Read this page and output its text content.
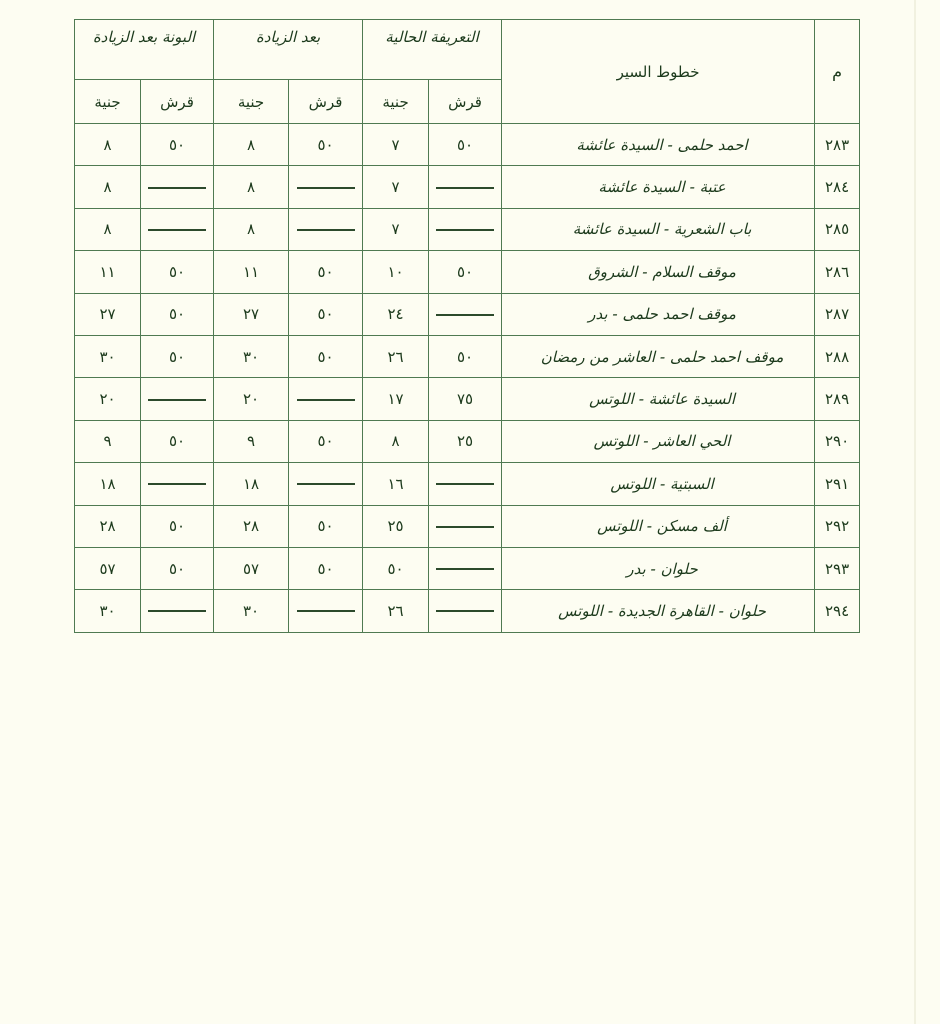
م	خطوط السير	التعريفة الحالية		بعد الزيادة		البونة بعد الزيادة	
		قرش	جنية	قرش	جنية	قرش	جنية
٢٨٣	احمد حلمى - السيدة عائشة	٥٠	٧	٥٠	٨	٥٠	٨
٢٨٤	عتبة - السيدة عائشة		٧		٨		٨
٢٨٥	باب الشعرية - السيدة عائشة		٧		٨		٨
٢٨٦	موقف السلام - الشروق	٥٠	١٠	٥٠	١١	٥٠	١١
٢٨٧	موقف احمد حلمى - بدر		٢٤	٥٠	٢٧	٥٠	٢٧
٢٨٨	موقف احمد حلمى - العاشر من رمضان	٥٠	٢٦	٥٠	٣٠	٥٠	٣٠
٢٨٩	السيدة عائشة - اللوتس	٧٥	١٧		٢٠		٢٠
٢٩٠	الحي العاشر - اللوتس	٢٥	٨	٥٠	٩	٥٠	٩
٢٩١	السبتية - اللوتس		١٦		١٨		١٨
٢٩٢	ألف مسكن - اللوتس		٢٥	٥٠	٢٨	٥٠	٢٨
٢٩٣	حلوان - بدر		٥٠	٥٠	٥٧	٥٠	٥٧
٢٩٤	حلوان - القاهرة الجديدة - اللوتس		٢٦		٣٠		٣٠
